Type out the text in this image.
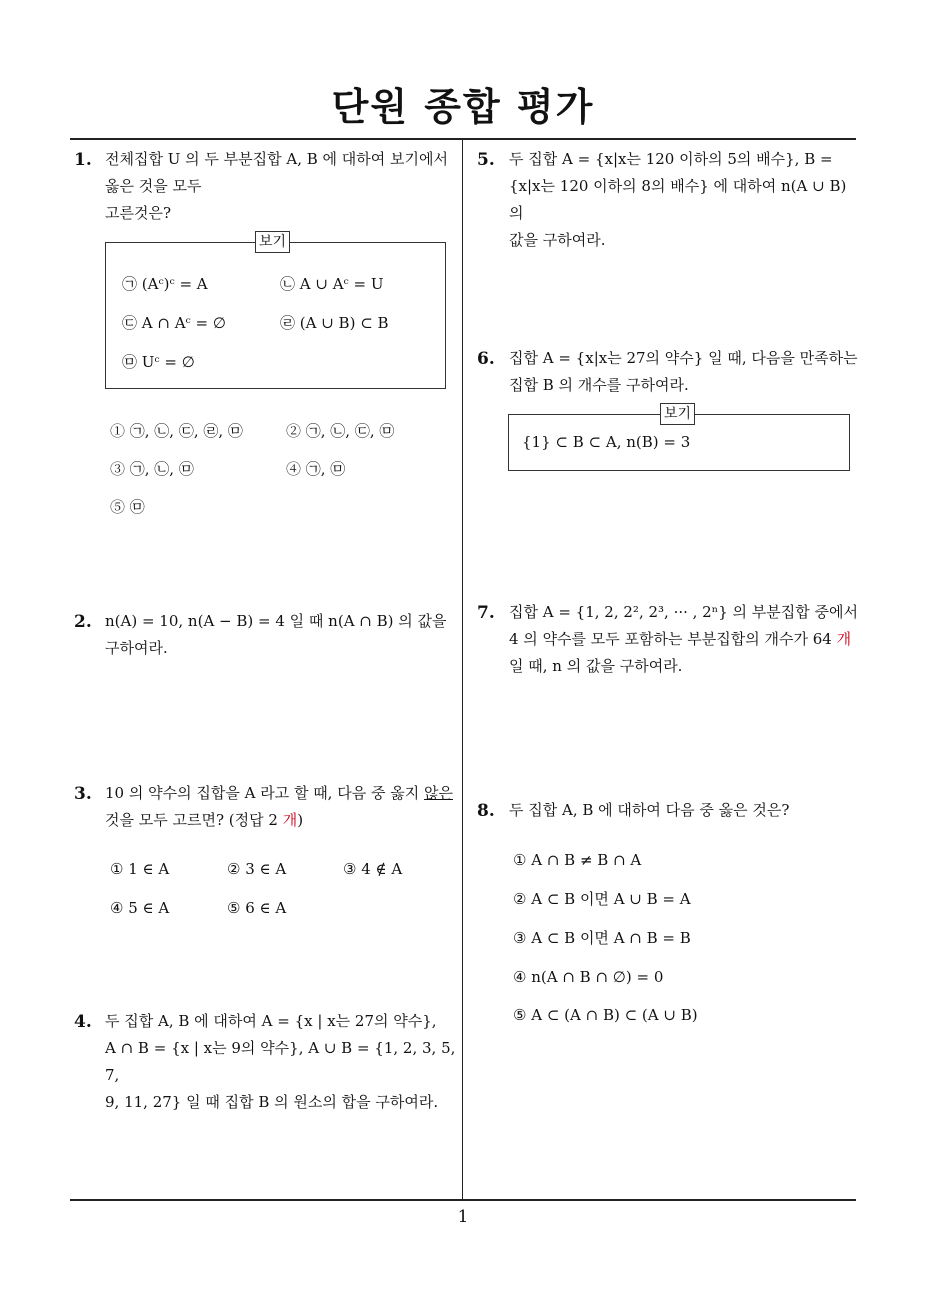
단원 종합 평가
1. 전체집합 U 의 두 부분집합 A, B 에 대하여 보기에서
옳은 것을 모두
고른것은?
보기
㉠ (Aᶜ)ᶜ = A	㉡ A ∪ Aᶜ = U
㉢ A ∩ Aᶜ = ∅	㉣ (A ∪ B) ⊂ B
㉤ Uᶜ = ∅
① ㉠, ㉡, ㉢, ㉣, ㉤	② ㉠, ㉡, ㉢, ㉤
③ ㉠, ㉡, ㉤	④ ㉠, ㉤
⑤ ㉤
2. n(A) = 10, n(A − B) = 4 일 때 n(A ∩ B) 의 값을
구하여라.
3. 10 의 약수의 집합을 A 라고 할 때, 다음 중 옳지 않은
것을 모두 고르면? (정답 2 개)
① 1 ∈ A	② 3 ∈ A	③ 4 ∉ A
④ 5 ∈ A	⑤ 6 ∈ A
4. 두 집합 A, B 에 대하여 A = {x | x는 27의 약수},
A ∩ B = {x | x는 9의 약수}, A ∪ B = {1, 2, 3, 5, 7,
9, 11, 27} 일 때 집합 B 의 원소의 합을 구하여라.
5. 두 집합 A = {x|x는 120 이하의 5의 배수}, B =
{x|x는 120 이하의 8의 배수} 에 대하여 n(A ∪ B) 의
값을 구하여라.
6. 집합 A = {x|x는 27의 약수} 일 때, 다음을 만족하는
집합 B 의 개수를 구하여라.
보기
{1} ⊂ B ⊂ A, n(B) = 3
7. 집합 A = {1, 2, 2², 2³, ··· , 2ⁿ} 의 부분집합 중에서
4 의 약수를 모두 포함하는 부분집합의 개수가 64 개
일 때, n 의 값을 구하여라.
8. 두 집합 A, B 에 대하여 다음 중 옳은 것은?
① A ∩ B ≠ B ∩ A
② A ⊂ B 이면 A ∪ B = A
③ A ⊂ B 이면 A ∩ B = B
④ n(A ∩ B ∩ ∅) = 0
⑤ A ⊂ (A ∩ B) ⊂ (A ∪ B)
1
